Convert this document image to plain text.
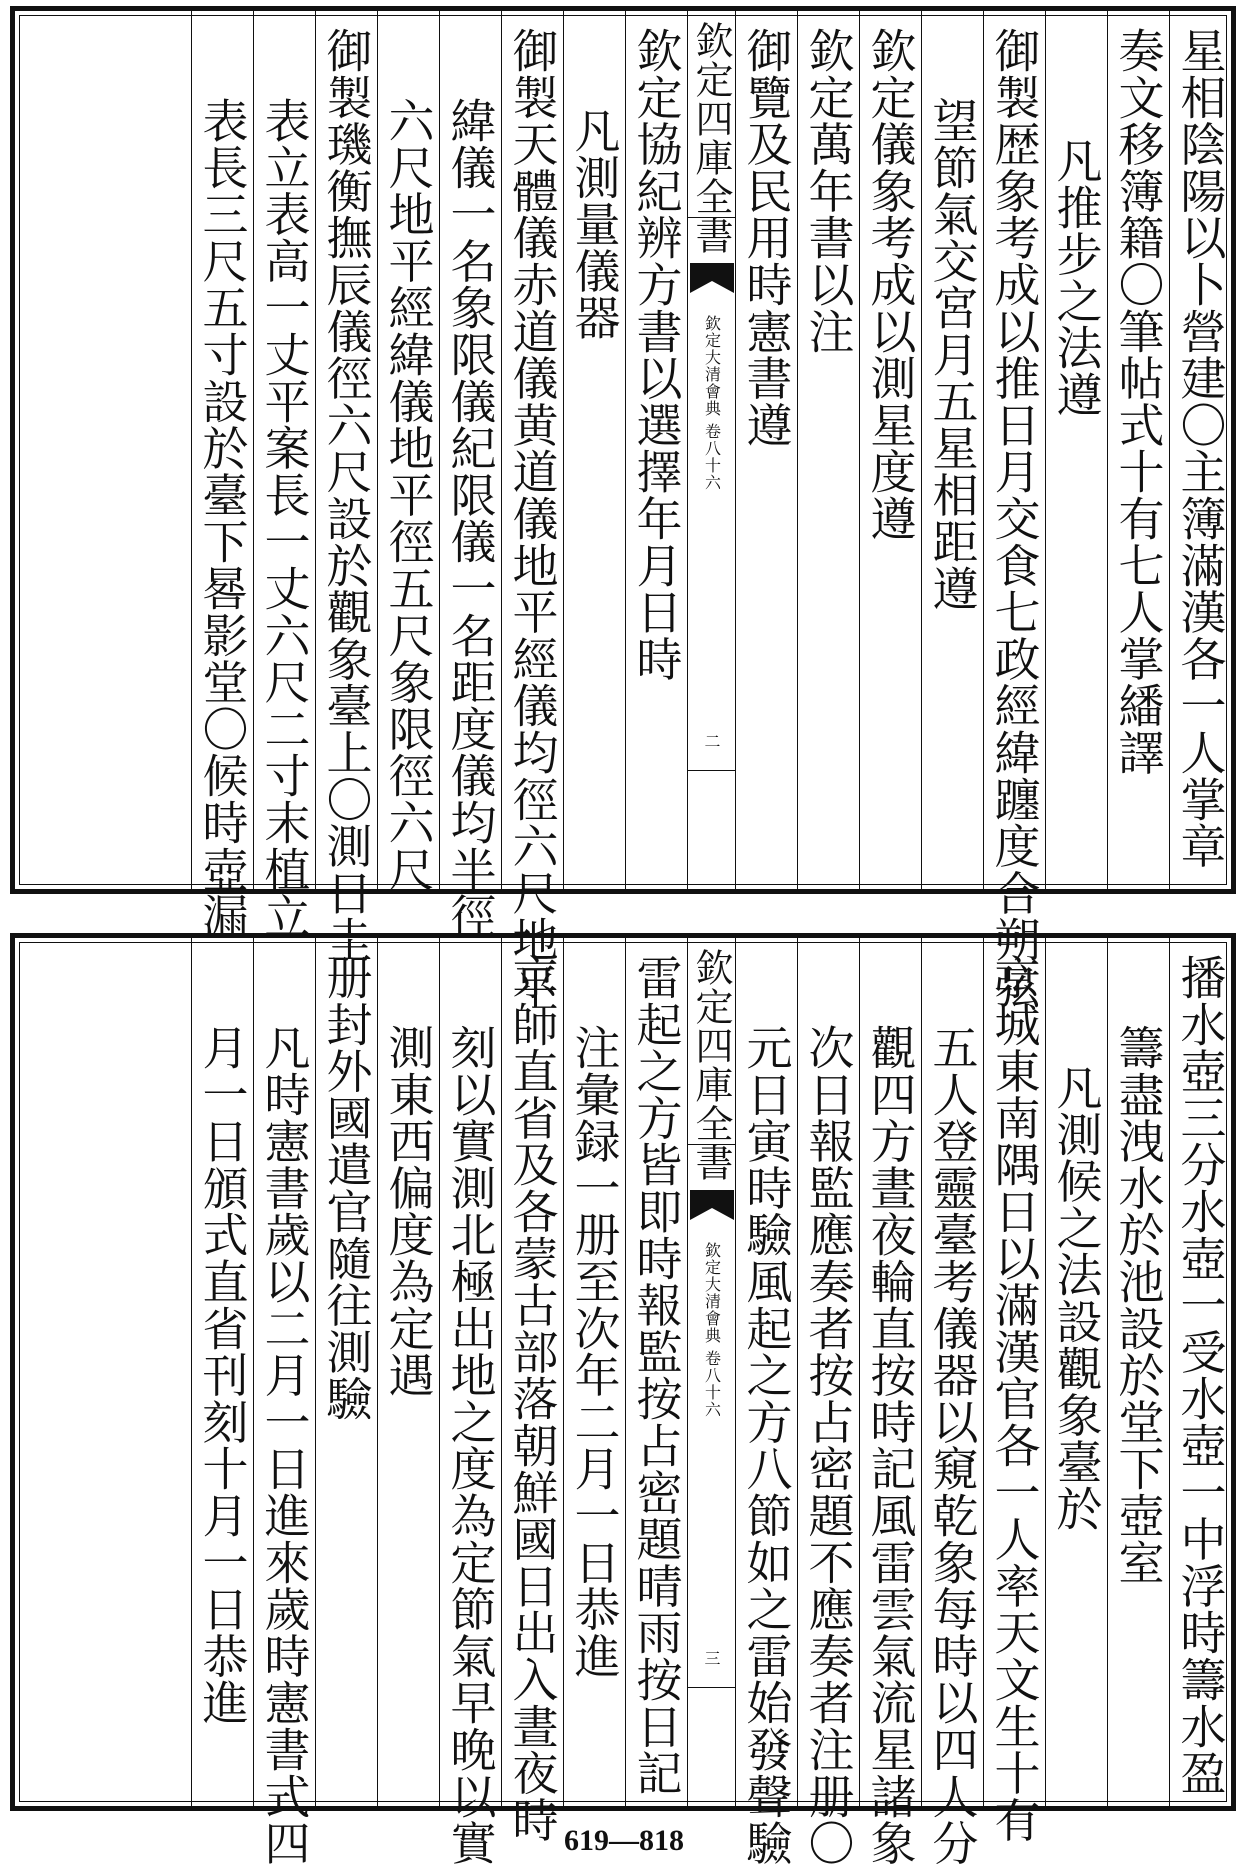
星相陰陽以卜營建〇主簿滿漢各一人掌章
奏文移簿籍〇筆帖式十有七人掌繙譯
凡推步之法遵
御製歴象考成以推日月交食七政經緯躔度合朔弦
望節氣交宮月五星相距遵
欽定儀象考成以測星度遵
欽定萬年書以注
御覽及民用時憲書遵
欽定四庫全書
欽定大清會典
卷八十六
二
欽定協紀辨方書以選擇年月日時
凡測量儀器
御製天體儀赤道儀黄道儀地平經儀均徑六尺地平
緯儀一名象限儀紀限儀一名距度儀均半徑
六尺地平經緯儀地平徑五尺象限徑六尺
御製璣衡撫辰儀徑六尺設於觀象臺上〇測日圭
表立表高一丈平案長一丈六尺二寸末植立
表長三尺五寸設於臺下晷影堂〇候時壺漏
播水壺三分水壺一受水壺一中浮時籌水盈
籌盡洩水於池設於堂下壺室
凡測候之法設觀象臺於
京城東南隅日以滿漢官各一人率天文生十有
五人登靈臺考儀器以窺乾象每時以四人分
觀四方晝夜輪直按時記風雷雲氣流星諸象
次日報監應奏者按占密題不應奏者注册〇
元日寅時驗風起之方八節如之雷始發聲驗
欽定四庫全書
欽定大清會典
卷八十六
三
雷起之方皆即時報監按占密題晴雨按日記
注彙録一册至次年二月一日恭進
京師直省及各蒙古部落朝鮮國日出入晝夜時
刻以實測北極出地之度為定節氣早晚以實
測東西偏度為定遇
册封外國遣官隨往測驗
凡時憲書歲以二月一日進來歲時憲書式四
月一日頒式直省刊刻十月一日恭進
619—818
